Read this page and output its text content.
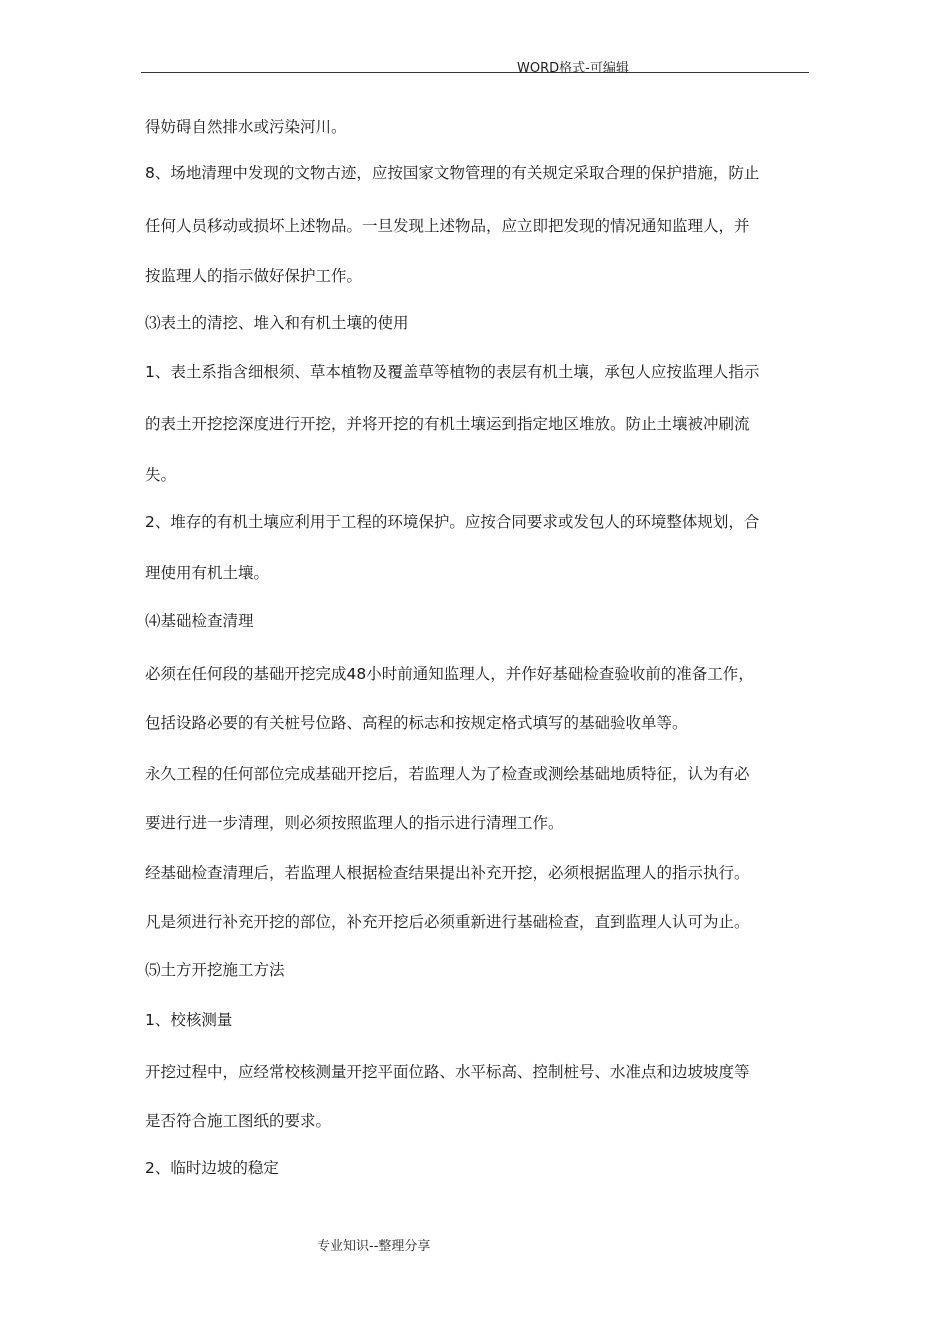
WORD格式-可编辑
得妨碍自然排水或污染河川。
8、场地清理中发现的文物古迹，应按国家文物管理的有关规定采取合理的保护措施，防止
任何人员移动或损坏上述物品。一旦发现上述物品，应立即把发现的情况通知监理人，并
按监理人的指示做好保护工作。
⑶表土的清挖、堆入和有机土壤的使用
1、表土系指含细根须、草本植物及覆盖草等植物的表层有机土壤，承包人应按监理人指示
的表土开挖挖深度进行开挖，并将开挖的有机土壤运到指定地区堆放。防止土壤被冲刷流
失。
2、堆存的有机土壤应利用于工程的环境保护。应按合同要求或发包人的环境整体规划，合
理使用有机土壤。
⑷基础检查清理
必须在任何段的基础开挖完成48小时前通知监理人，并作好基础检查验收前的准备工作，
包括设路必要的有关桩号位路、高程的标志和按规定格式填写的基础验收单等。
永久工程的任何部位完成基础开挖后，若监理人为了检查或测绘基础地质特征，认为有必
要进行进一步清理，则必须按照监理人的指示进行清理工作。
经基础检查清理后，若监理人根据检查结果提出补充开挖，必须根据监理人的指示执行。
凡是须进行补充开挖的部位，补充开挖后必须重新进行基础检查，直到监理人认可为止。
⑸土方开挖施工方法
1、校核测量
开挖过程中，应经常校核测量开挖平面位路、水平标高、控制桩号、水准点和边坡坡度等
是否符合施工图纸的要求。
2、临时边坡的稳定
专业知识--整理分享
